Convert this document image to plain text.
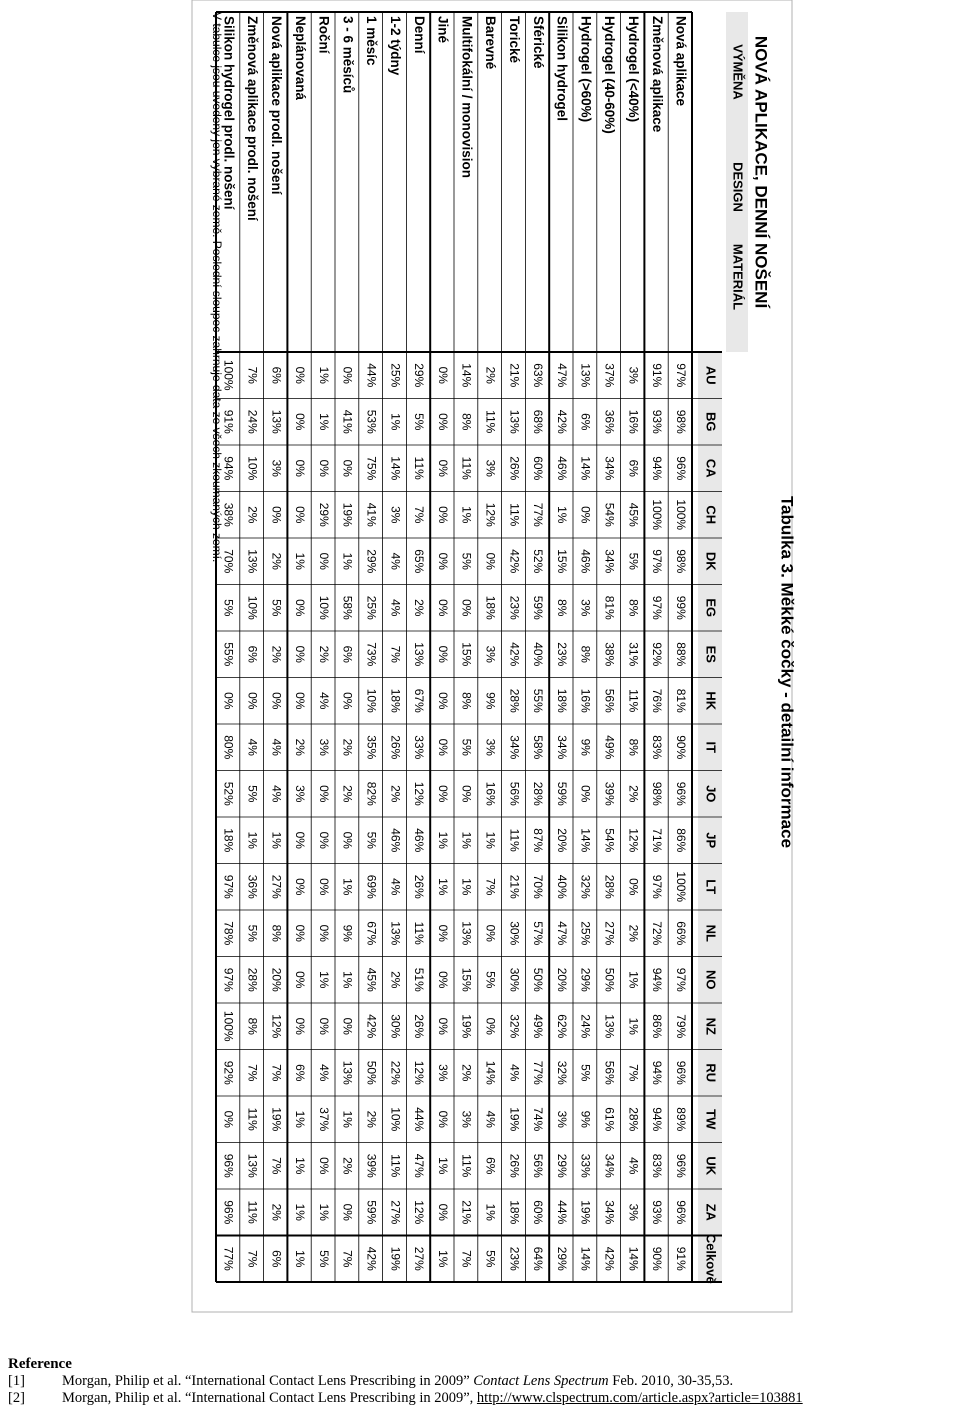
Tabulka 3. Měkké čočky - detailní informace
NOVÁ APLIKACE, DENNÍ NOŠENÍ
MATERIÁL
DESIGN
VÝMĚNA
AU
BG
CA
CH
DK
EG
ES
HK
IT
JO
JP
LT
NL
NO
NZ
RU
TW
UK
ZA
Celkově
Nová aplikace
97%
98%
96%
100%
98%
99%
88%
81%
90%
96%
86%
100%
66%
97%
79%
96%
89%
96%
96%
91%
Změnová aplikace
91%
93%
94%
100%
97%
97%
92%
76%
83%
98%
71%
97%
72%
94%
86%
94%
94%
83%
93%
90%
Hydrogel (<40%)
3%
16%
6%
45%
5%
8%
31%
11%
8%
2%
12%
0%
2%
1%
1%
7%
28%
4%
3%
14%
Hydrogel (40-60%)
37%
36%
34%
54%
34%
81%
38%
56%
49%
39%
54%
28%
27%
50%
13%
56%
61%
34%
34%
42%
Hydrogel (>60%)
13%
6%
14%
0%
46%
3%
8%
16%
9%
0%
14%
32%
25%
29%
24%
5%
9%
33%
19%
14%
Silikon hydrogel
47%
42%
46%
1%
15%
8%
23%
18%
34%
59%
20%
40%
47%
20%
62%
32%
3%
29%
44%
29%
Sférické
63%
68%
60%
77%
52%
59%
40%
55%
58%
28%
87%
70%
57%
50%
49%
77%
74%
56%
60%
64%
Torické
21%
13%
26%
11%
42%
23%
42%
28%
34%
56%
11%
21%
30%
30%
32%
4%
19%
26%
18%
23%
Barevné
2%
11%
3%
12%
0%
18%
3%
9%
3%
16%
1%
7%
0%
5%
0%
14%
4%
6%
1%
5%
Multifokální / monovision
14%
8%
11%
1%
5%
0%
15%
8%
5%
0%
1%
1%
13%
15%
19%
2%
3%
11%
21%
7%
Jiné
0%
0%
0%
0%
0%
0%
0%
0%
0%
0%
1%
1%
0%
0%
0%
3%
0%
1%
0%
1%
Denní
29%
5%
11%
7%
65%
2%
13%
67%
33%
12%
46%
26%
11%
51%
26%
12%
44%
47%
12%
27%
1-2 týdny
25%
1%
14%
3%
4%
4%
7%
18%
26%
2%
46%
4%
13%
2%
30%
22%
10%
11%
27%
19%
1 měsíc
44%
53%
75%
41%
29%
25%
73%
10%
35%
82%
5%
69%
67%
45%
42%
50%
2%
39%
59%
42%
3 - 6 měsíců
0%
41%
0%
19%
1%
58%
6%
0%
2%
2%
0%
1%
9%
1%
0%
13%
1%
2%
0%
7%
Roční
1%
1%
0%
29%
0%
10%
2%
4%
3%
0%
0%
0%
0%
1%
0%
4%
37%
0%
1%
5%
Neplánovaná
0%
0%
0%
0%
1%
0%
0%
0%
2%
3%
0%
0%
0%
0%
0%
6%
1%
1%
1%
1%
Nová aplikace prodl. nošení
6%
13%
3%
0%
2%
5%
2%
0%
4%
4%
1%
27%
8%
20%
12%
7%
19%
7%
2%
6%
Změnová aplikace prodl. nošení
7%
24%
10%
2%
13%
10%
6%
0%
4%
5%
1%
36%
5%
28%
8%
7%
11%
13%
11%
7%
Silikon hydrogel prodl. nošení
100%
91%
94%
38%
70%
5%
55%
0%
80%
52%
18%
97%
78%
97%
100%
92%
0%
96%
96%
77%
V tabulce jsou uvedeny jen vybrané země. Poslední sloupec zahrnuje data ze všech zkoumaných zemí.
Reference
[1]	Morgan, Philip et al. “International Contact Lens Prescribing in 2009” Contact Lens Spectrum Feb. 2010, 30-35,53.
[2]	Morgan, Philip et al. “International Contact Lens Prescribing in 2009”, http://www.clspectrum.com/article.aspx?article=103881
